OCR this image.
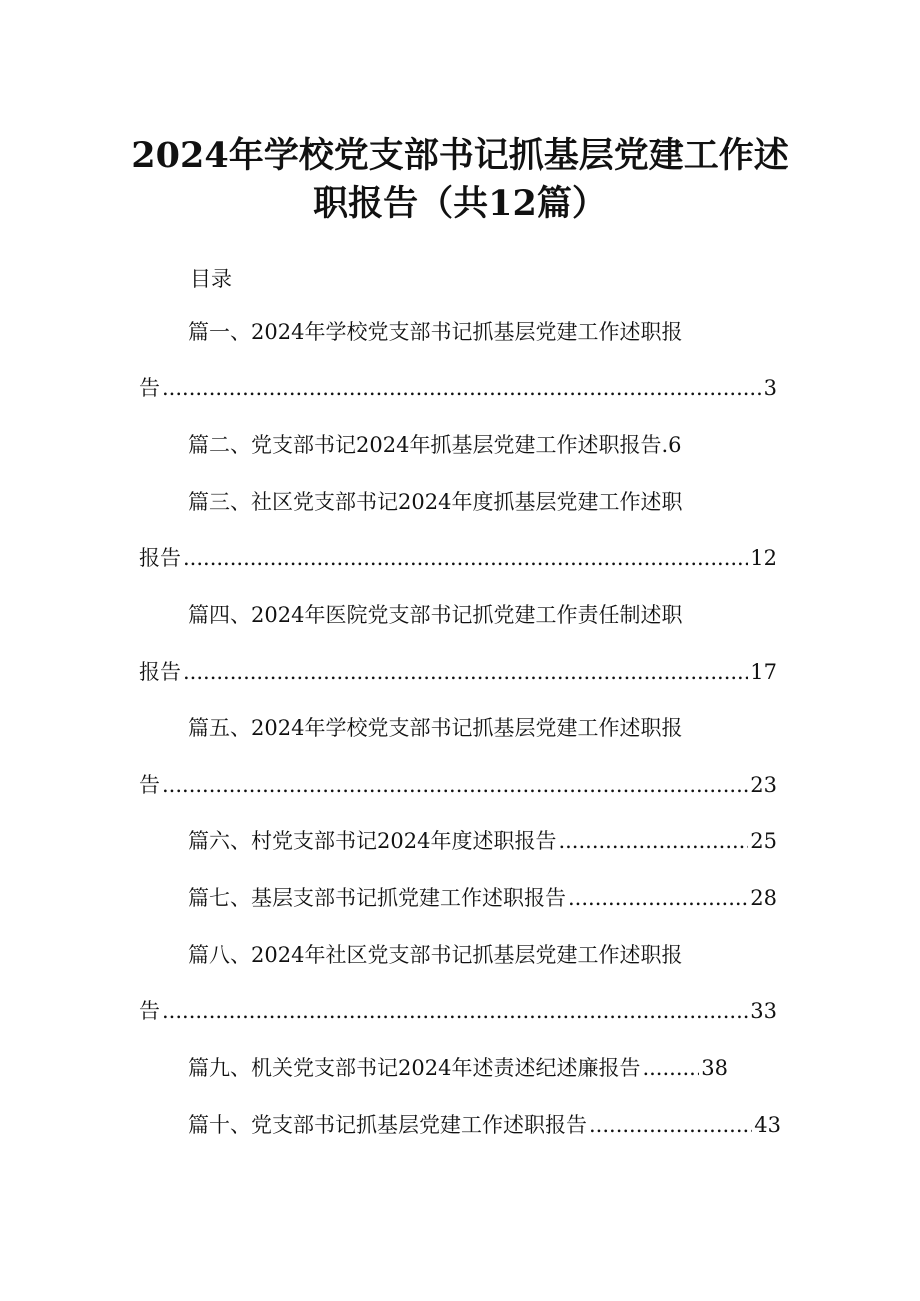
2024年学校党支部书记抓基层党建工作述
职报告（共12篇）
目录
篇一、2024年学校党支部书记抓基层党建工作述职报
告 .....	3
篇二、党支部书记2024年抓基层党建工作述职报告.6
篇三、社区党支部书记2024年度抓基层党建工作述职
报告 .....	12
篇四、2024年医院党支部书记抓党建工作责任制述职
报告 .....	17
篇五、2024年学校党支部书记抓基层党建工作述职报
告 .....	23
篇六、村党支部书记2024年度述职报告 .....	25
篇七、基层支部书记抓党建工作述职报告 .....	28
篇八、2024年社区党支部书记抓基层党建工作述职报
告 .....	33
篇九、机关党支部书记2024年述责述纪述廉报告 .....	38
篇十、党支部书记抓基层党建工作述职报告 .....	43
